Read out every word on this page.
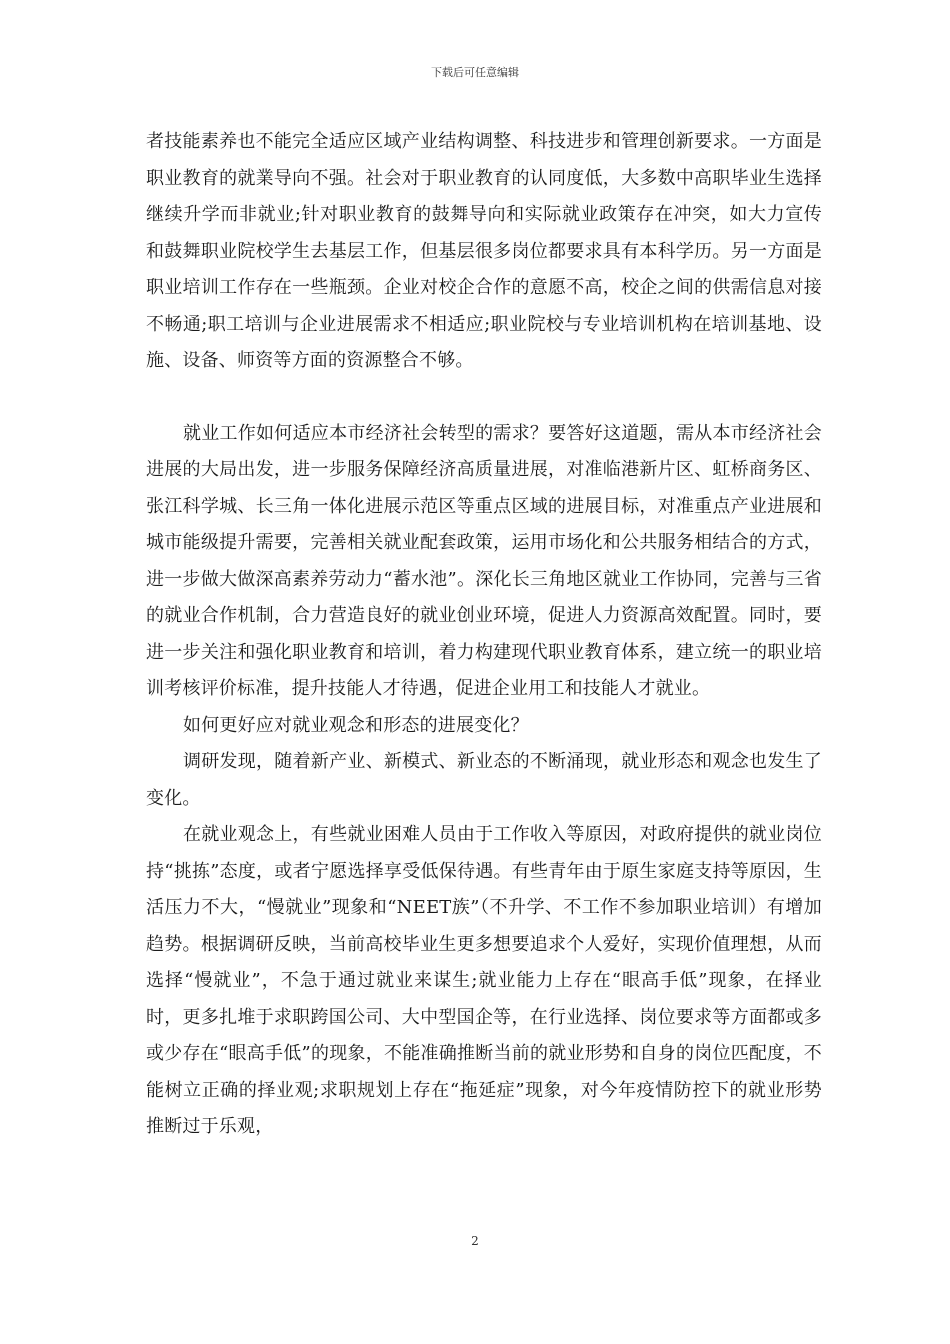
下载后可任意编辑

者技能素养也不能完全适应区域产业结构调整、科技进步和管理创新要求。一方面是职业教育的就業导向不强。社会对于职业教育的认同度低，大多数中高职毕业生选择继续升学而非就业;针对职业教育的鼓舞导向和实际就业政策存在冲突，如大力宣传和鼓舞职业院校学生去基层工作，但基层很多岗位都要求具有本科学历。另一方面是职业培训工作存在一些瓶颈。企业对校企合作的意愿不高，校企之间的供需信息对接不畅通;职工培训与企业进展需求不相适应;职业院校与专业培训机构在培训基地、设施、设备、师资等方面的资源整合不够。

就业工作如何适应本市经济社会转型的需求？要答好这道题，需从本市经济社会进展的大局出发，进一步服务保障经济高质量进展，对准临港新片区、虹桥商务区、张江科学城、长三角一体化进展示范区等重点区域的进展目标，对准重点产业进展和城市能级提升需要，完善相关就业配套政策，运用市场化和公共服务相结合的方式，进一步做大做深高素养劳动力“蓄水池”。深化长三角地区就业工作协同，完善与三省的就业合作机制，合力营造良好的就业创业环境，促进人力资源高效配置。同时，要进一步关注和强化职业教育和培训，着力构建现代职业教育体系，建立统一的职业培训考核评价标准，提升技能人才待遇，促进企业用工和技能人才就业。

如何更好应对就业观念和形态的进展变化？

调研发现，随着新产业、新模式、新业态的不断涌现，就业形态和观念也发生了变化。

在就业观念上，有些就业困难人员由于工作收入等原因，对政府提供的就业岗位持“挑拣”态度，或者宁愿选择享受低保待遇。有些青年由于原生家庭支持等原因，生活压力不大，“慢就业”现象和“NEET族”（不升学、不工作不参加职业培训）有增加趋势。根据调研反映，当前高校毕业生更多想要追求个人爱好，实现价值理想，从而选择“慢就业”，不急于通过就业来谋生;就业能力上存在“眼高手低”现象，在择业时，更多扎堆于求职跨国公司、大中型国企等，在行业选择、岗位要求等方面都或多或少存在“眼高手低”的现象，不能准确推断当前的就业形势和自身的岗位匹配度，不能树立正确的择业观;求职规划上存在“拖延症”现象，对今年疫情防控下的就业形势推断过于乐观，

2
